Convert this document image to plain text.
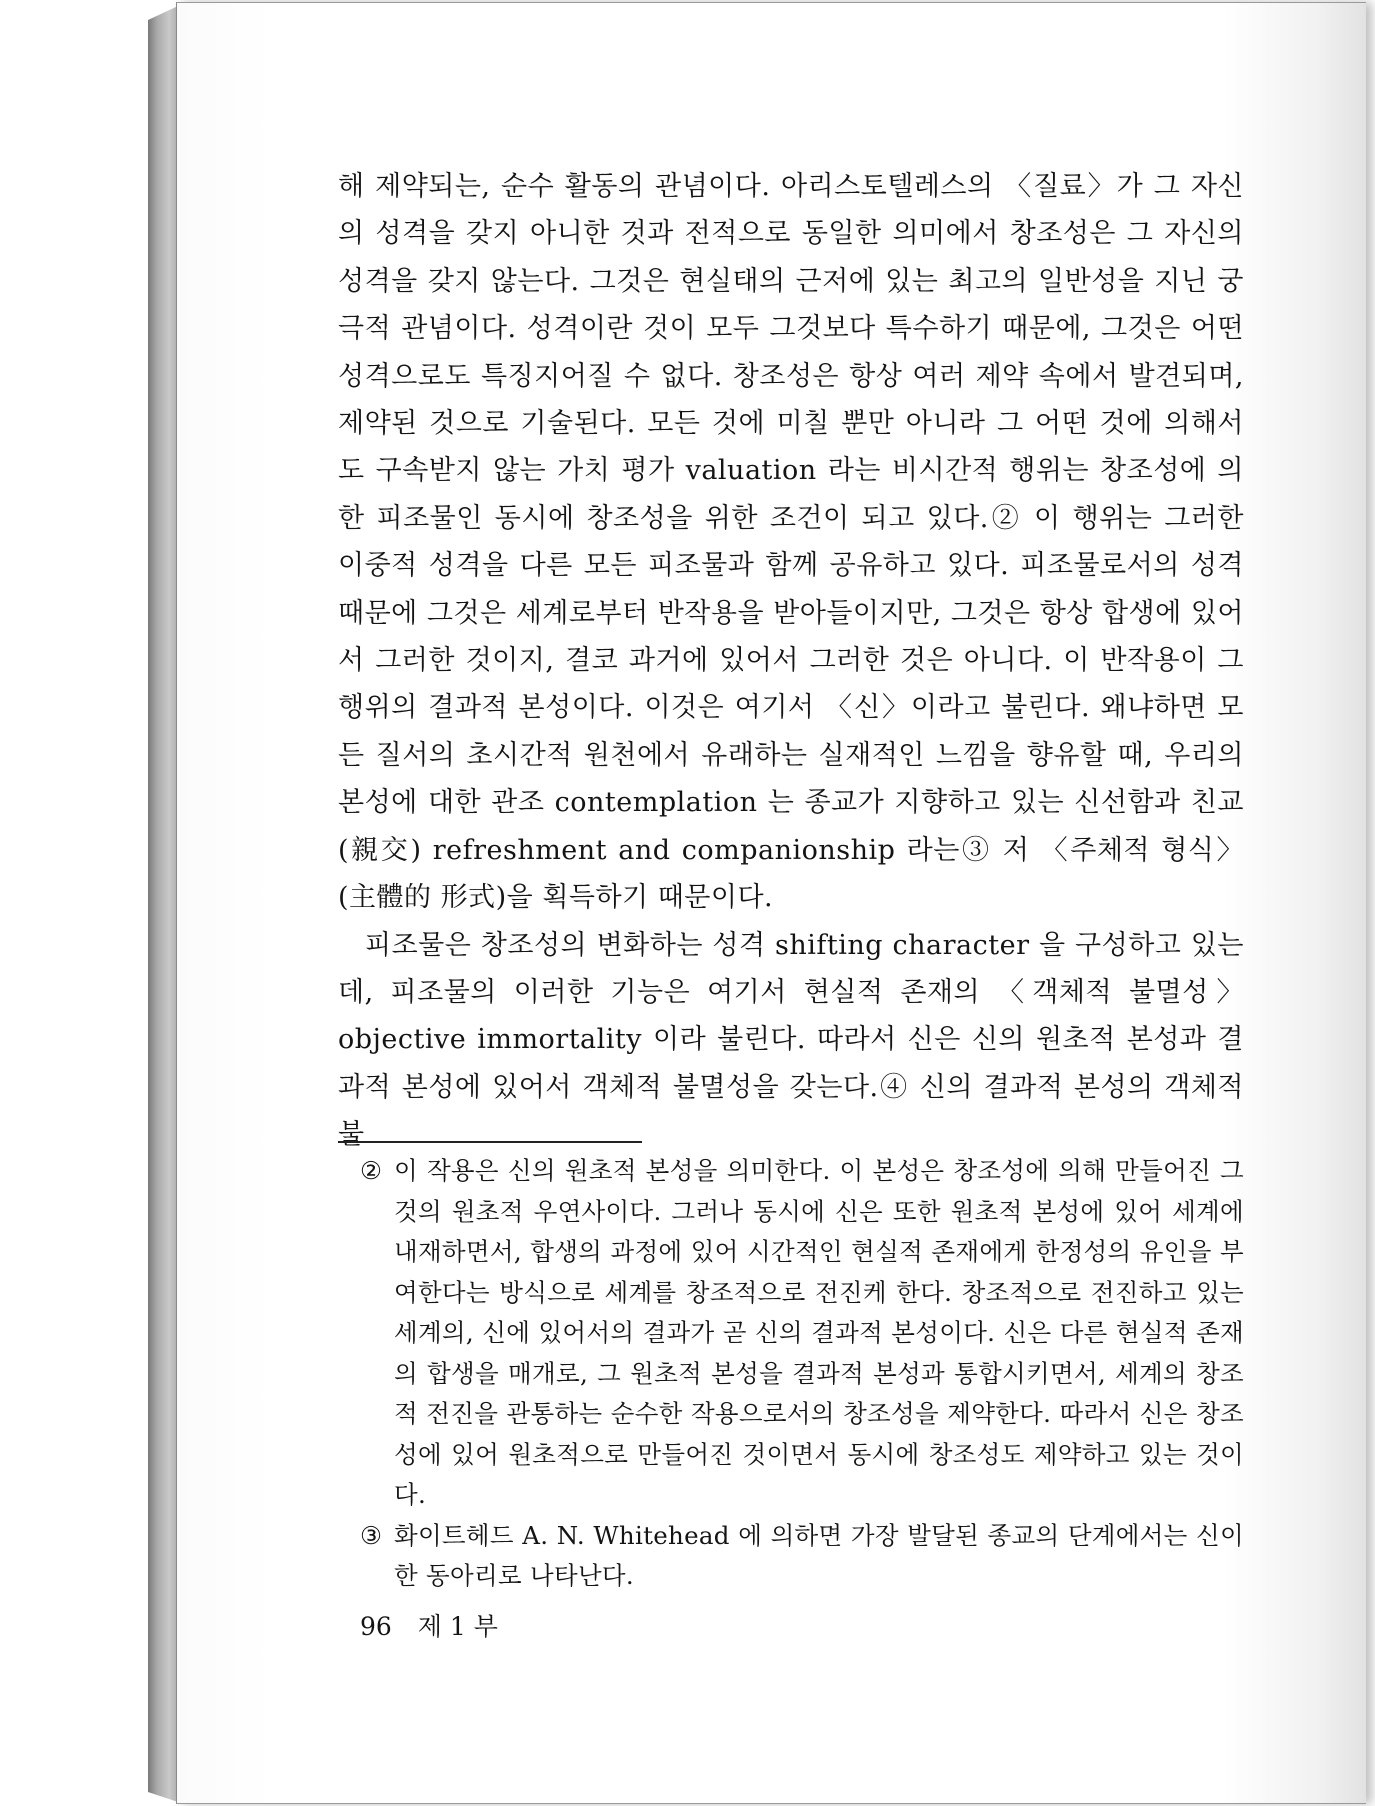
해 제약되는, 순수 활동의 관념이다. 아리스토텔레스의 〈질료〉가 그 자신의 성격을 갖지 아니한 것과 전적으로 동일한 의미에서 창조성은 그 자신의 성격을 갖지 않는다. 그것은 현실태의 근저에 있는 최고의 일반성을 지닌 궁극적 관념이다. 성격이란 것이 모두 그것보다 특수하기 때문에, 그것은 어떤 성격으로도 특징지어질 수 없다. 창조성은 항상 여러 제약 속에서 발견되며, 제약된 것으로 기술된다. 모든 것에 미칠 뿐만 아니라 그 어떤 것에 의해서도 구속받지 않는 가치 평가 valuation 라는 비시간적 행위는 창조성에 의한 피조물인 동시에 창조성을 위한 조건이 되고 있다.② 이 행위는 그러한 이중적 성격을 다른 모든 피조물과 함께 공유하고 있다. 피조물로서의 성격 때문에 그것은 세계로부터 반작용을 받아들이지만, 그것은 항상 합생에 있어서 그러한 것이지, 결코 과거에 있어서 그러한 것은 아니다. 이 반작용이 그 행위의 결과적 본성이다. 이것은 여기서 〈신〉이라고 불린다. 왜냐하면 모든 질서의 초시간적 원천에서 유래하는 실재적인 느낌을 향유할 때, 우리의 본성에 대한 관조 contemplation 는 종교가 지향하고 있는 신선함과 친교(親交) refreshment and companionship 라는③ 저 〈주체적 형식〉(主體的 形式)을 획득하기 때문이다.

피조물은 창조성의 변화하는 성격 shifting character 을 구성하고 있는데, 피조물의 이러한 기능은 여기서 현실적 존재의 〈객체적 불멸성〉 objective immortality 이라 불린다. 따라서 신은 신의 원초적 본성과 결과적 본성에 있어서 객체적 불멸성을 갖는다.④ 신의 결과적 본성의 객체적 불

② 이 작용은 신의 원초적 본성을 의미한다. 이 본성은 창조성에 의해 만들어진 그것의 원초적 우연사이다. 그러나 동시에 신은 또한 원초적 본성에 있어 세계에 내재하면서, 합생의 과정에 있어 시간적인 현실적 존재에게 한정성의 유인을 부여한다는 방식으로 세계를 창조적으로 전진케 한다. 창조적으로 전진하고 있는 세계의, 신에 있어서의 결과가 곧 신의 결과적 본성이다. 신은 다른 현실적 존재의 합생을 매개로, 그 원초적 본성을 결과적 본성과 통합시키면서, 세계의 창조적 전진을 관통하는 순수한 작용으로서의 창조성을 제약한다. 따라서 신은 창조성에 있어 원초적으로 만들어진 것이면서 동시에 창조성도 제약하고 있는 것이다.
③ 화이트헤드 A. N. Whitehead 에 의하면 가장 발달된 종교의 단계에서는 신이 한 동아리로 나타난다.
96 제 1 부
